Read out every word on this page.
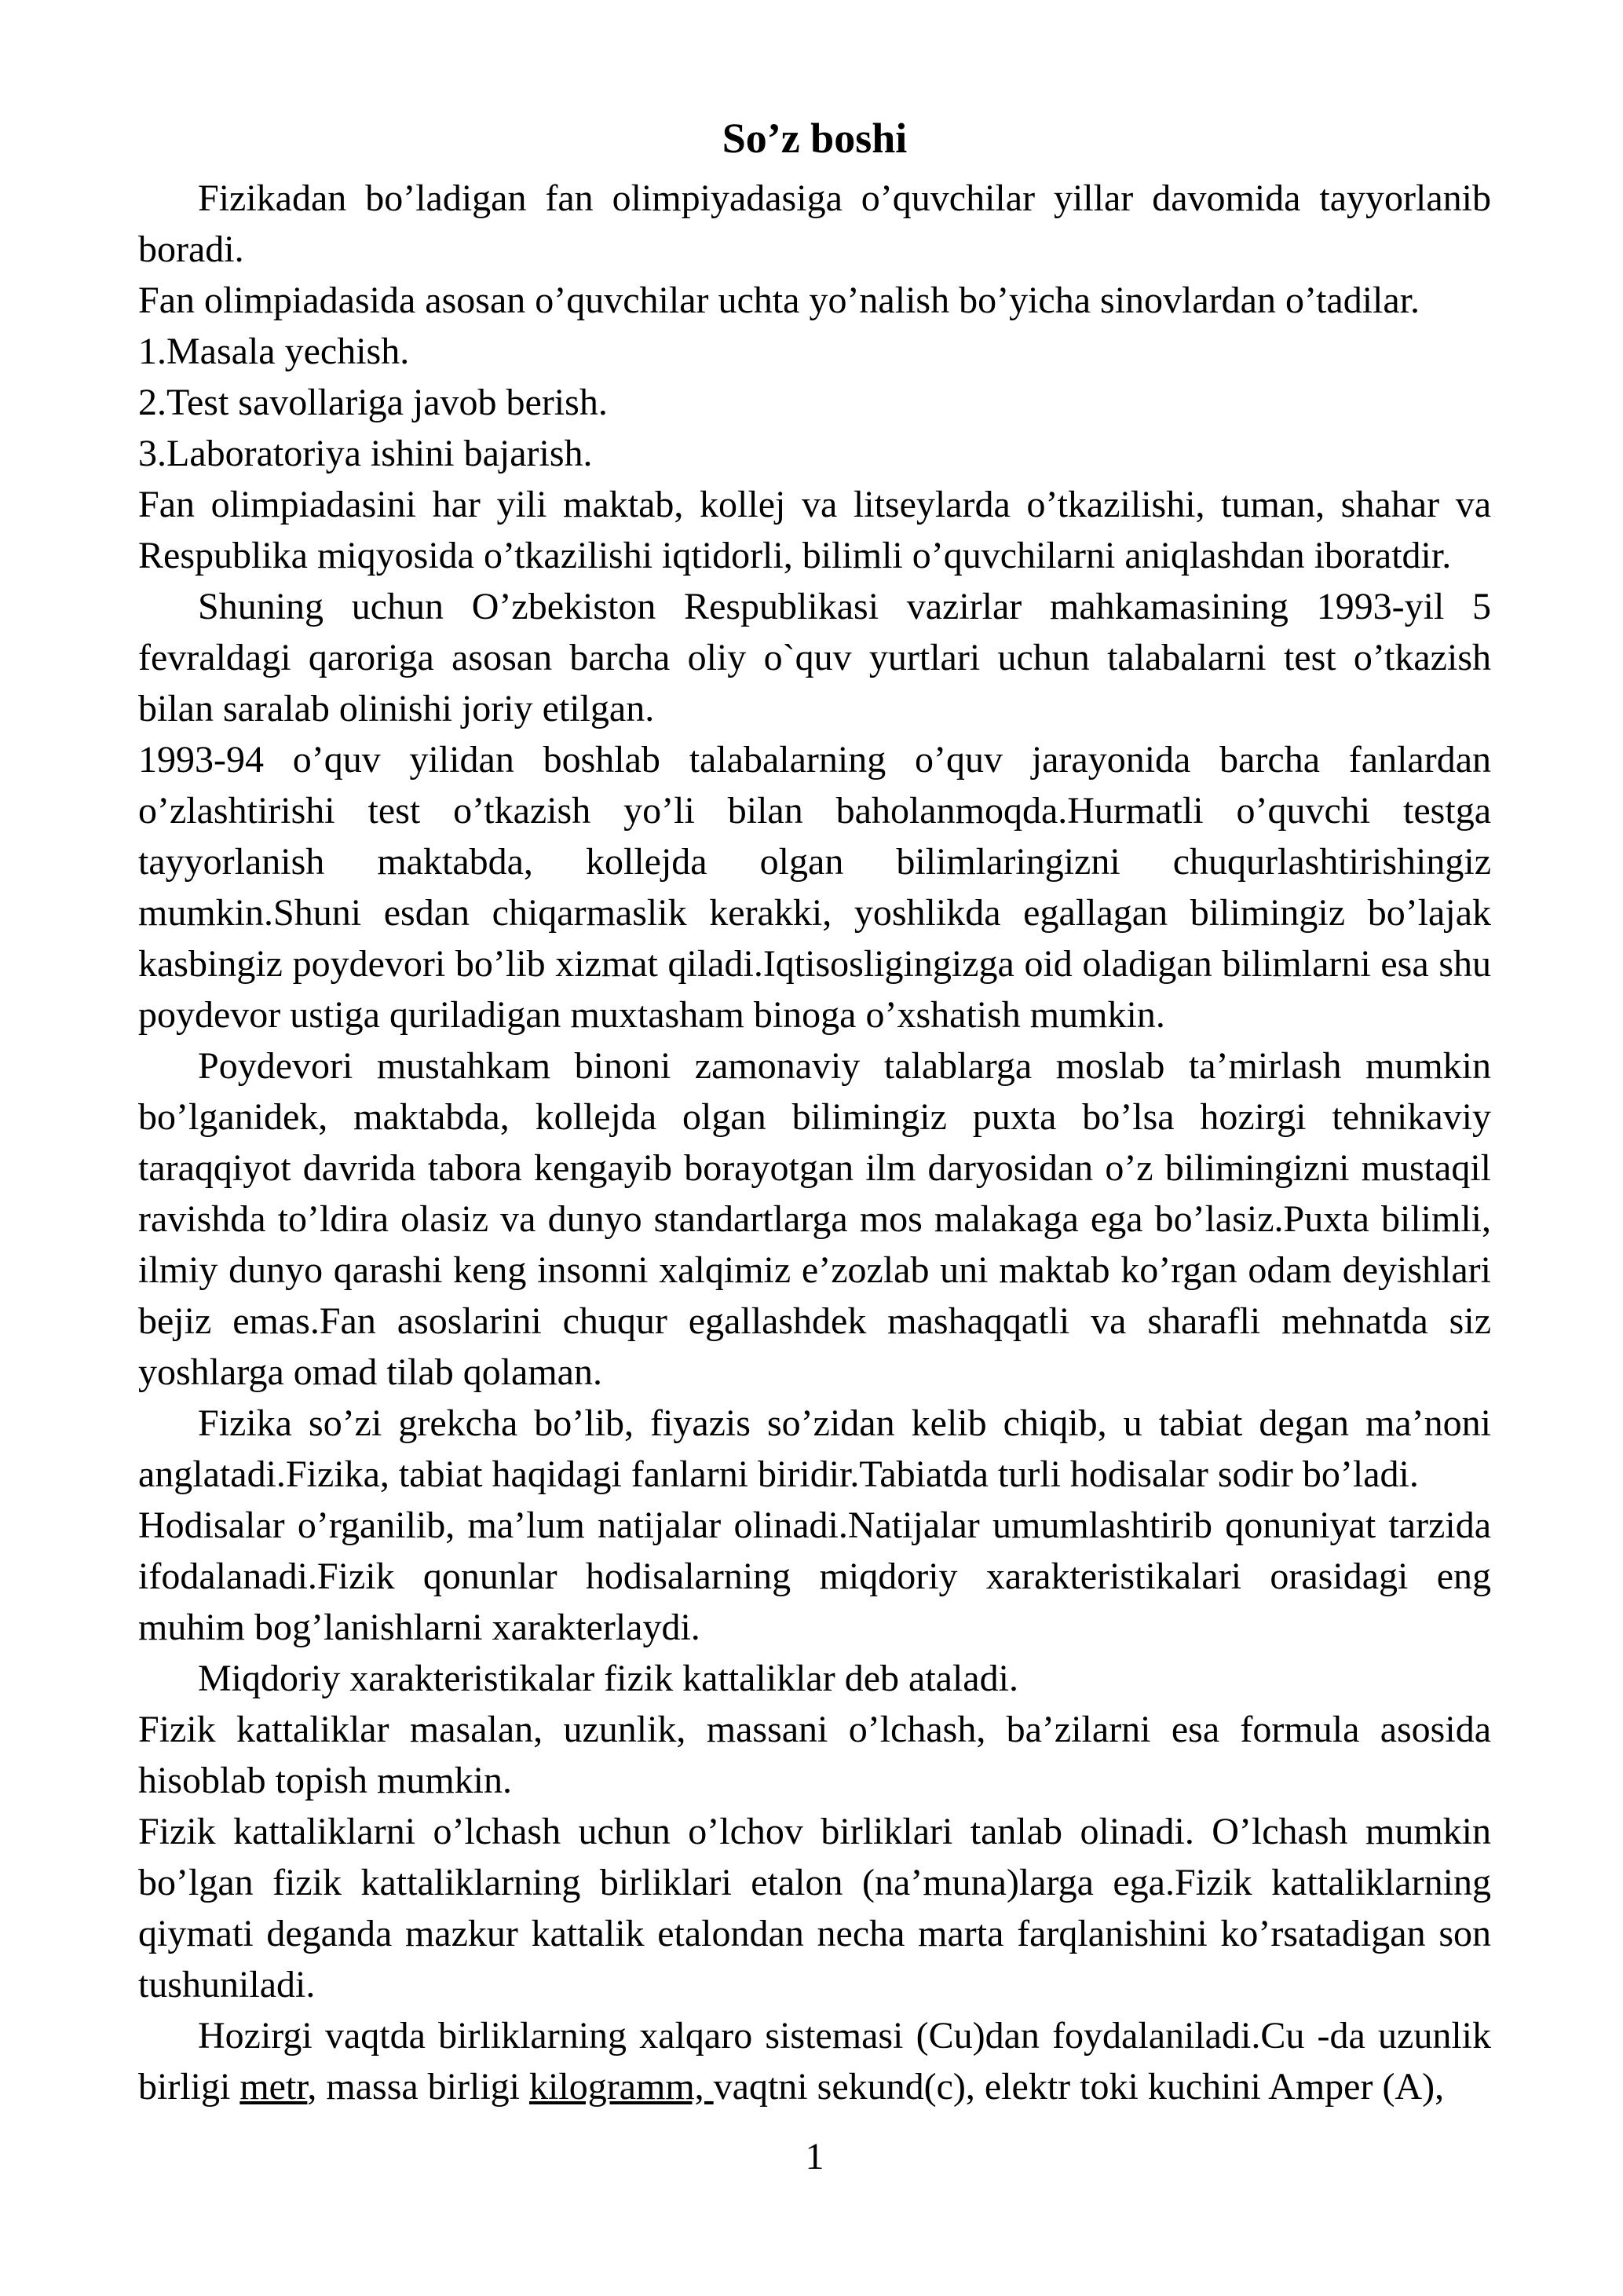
So’z boshi

Fizikadan bo’ladigan fan olimpiyadasiga o’quvchilar yillar davomida tayyorlanib boradi.

Fan olimpiadasida asosan o’quvchilar uchta yo’nalish bo’yicha sinovlardan o’tadilar.

1.Masala yechish.

2.Test savollariga javob berish.

3.Laboratoriya ishini bajarish.

Fan olimpiadasini har yili maktab, kollej va litseylarda o’tkazilishi, tuman, shahar va Respublika miqyosida o’tkazilishi iqtidorli, bilimli o’quvchilarni aniqlashdan iboratdir.

Shuning uchun O’zbekiston Respublikasi vazirlar mahkamasining 1993-yil 5 fevraldagi qaroriga asosan barcha oliy o`quv yurtlari uchun talabalarni test o’tkazish bilan saralab olinishi joriy etilgan.

1993-94 o’quv yilidan boshlab talabalarning o’quv jarayonida barcha fanlardan o’zlashtirishi test o’tkazish yo’li bilan baholanmoqda.Hurmatli o’quvchi testga tayyorlanish maktabda, kollejda olgan bilimlaringizni chuqurlashtirishingiz mumkin.Shuni esdan chiqarmaslik kerakki, yoshlikda egallagan bilimingiz bo’lajak kasbingiz poydevori bo’lib xizmat qiladi.Iqtisosligingizga oid oladigan bilimlarni esa shu poydevor ustiga quriladigan muxtasham binoga o’xshatish mumkin.

Poydevori mustahkam binoni zamonaviy talablarga moslab ta’mirlash mumkin bo’lganidek, maktabda, kollejda olgan bilimingiz puxta bo’lsa hozirgi tehnikaviy taraqqiyot davrida tabora kengayib borayotgan ilm daryosidan o’z bilimingizni mustaqil ravishda to’ldira olasiz va dunyo standartlarga mos malakaga ega bo’lasiz.Puxta bilimli, ilmiy dunyo qarashi keng insonni xalqimiz e’zozlab uni maktab ko’rgan odam deyishlari bejiz emas.Fan asoslarini chuqur egallashdek mashaqqatli va sharafli mehnatda siz yoshlarga omad tilab qolaman.

Fizika so’zi grekcha bo’lib, fiyazis so’zidan kelib chiqib, u tabiat degan ma’noni anglatadi.Fizika, tabiat haqidagi fanlarni biridir.Tabiatda turli hodisalar sodir bo’ladi.

Hodisalar o’rganilib, ma’lum natijalar olinadi.Natijalar umumlashtirib qonuniyat tarzida ifodalanadi.Fizik qonunlar hodisalarning miqdoriy xarakteristikalari orasidagi eng muhim bog’lanishlarni xarakterlaydi.

Miqdoriy xarakteristikalar fizik kattaliklar deb ataladi.

Fizik kattaliklar masalan, uzunlik, massani o’lchash, ba’zilarni esa formula asosida hisoblab topish mumkin.

Fizik kattaliklarni o’lchash uchun o’lchov birliklari tanlab olinadi. O’lchash mumkin bo’lgan fizik kattaliklarning birliklari etalon (na’muna)larga ega.Fizik kattaliklarning qiymati deganda mazkur kattalik etalondan necha marta farqlanishini ko’rsatadigan son tushuniladi.

Hozirgi vaqtda birliklarning xalqaro sistemasi (Cu)dan foydalaniladi.Cu -da uzunlik birligi metr, massa birligi kilogramm, vaqtni sekund(c), elektr toki kuchini Amper (A),

1
